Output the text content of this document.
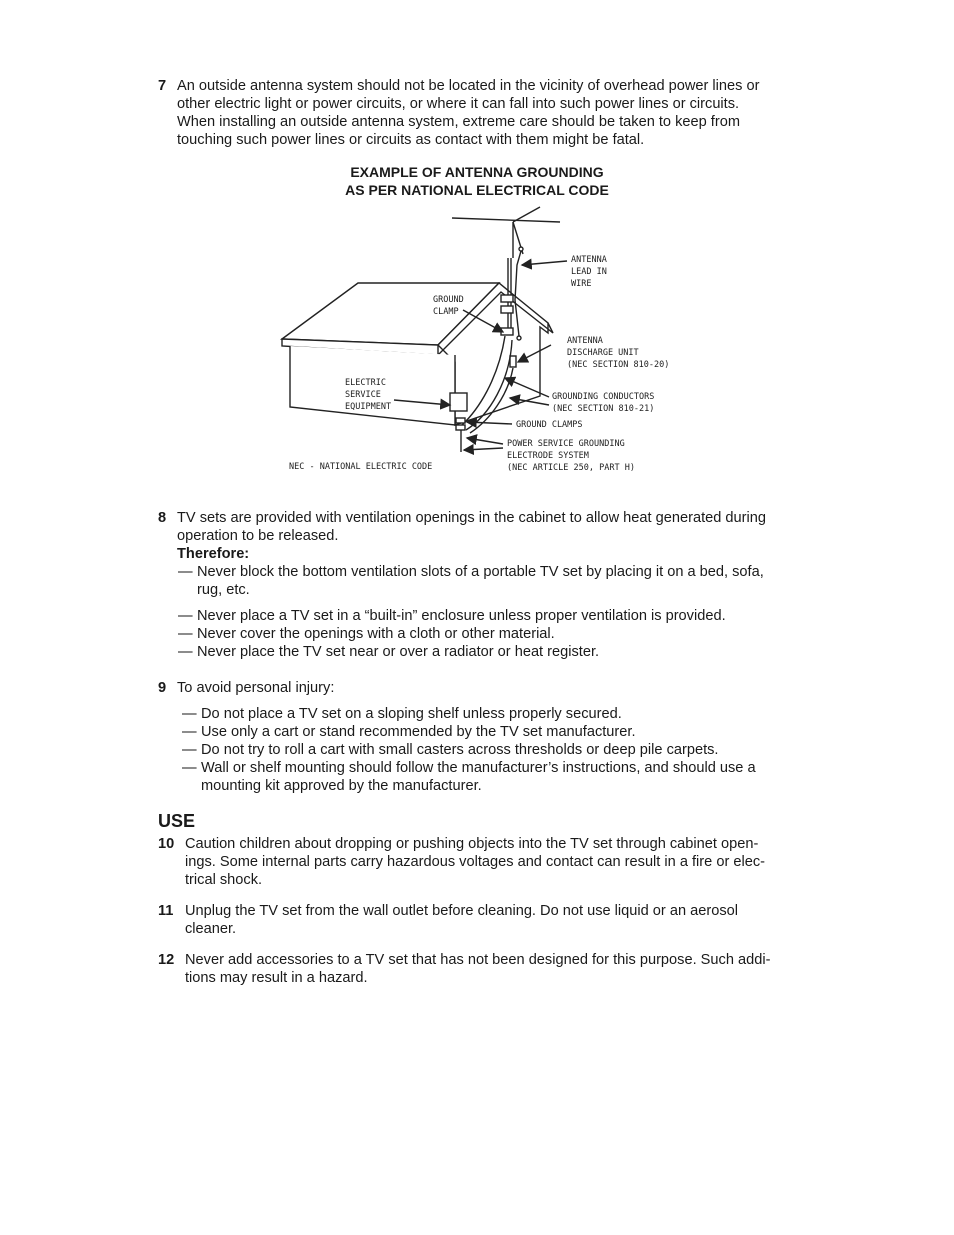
7 An outside antenna system should not be located in the vicinity of overhead power lines or
other electric light or power circuits, or where it can fall into such power lines or circuits.
When installing an outside antenna system, extreme care should be taken to keep from
touching such power lines or circuits as contact with them might be fatal.
EXAMPLE OF ANTENNA GROUNDING
AS PER NATIONAL ELECTRICAL CODE
ANTENNA LEAD IN WIRE
GROUND CLAMP
ANTENNA DISCHARGE UNIT (NEC SECTION 810-20)
ELECTRIC SERVICE EQUIPMENT
GROUNDING CONDUCTORS (NEC SECTION 810-21)
GROUND CLAMPS
POWER SERVICE GROUNDING ELECTRODE SYSTEM (NEC ARTICLE 250, PART H)
NEC - NATIONAL ELECTRIC CODE
8 TV sets are provided with ventilation openings in the cabinet to allow heat generated during
operation to be released.
Therefore:
— Never block the bottom ventilation slots of a portable TV set by placing it on a bed, sofa,
rug, etc.
— Never place a TV set in a “built-in” enclosure unless proper ventilation is provided.
— Never cover the openings with a cloth or other material.
— Never place the TV set near or over a radiator or heat register.
9 To avoid personal injury:
— Do not place a TV set on a sloping shelf unless properly secured.
— Use only a cart or stand recommended by the TV set manufacturer.
— Do not try to roll a cart with small casters across thresholds or deep pile carpets.
— Wall or shelf mounting should follow the manufacturer’s instructions, and should use a
mounting kit approved by the manufacturer.
USE
10 Caution children about dropping or pushing objects into the TV set through cabinet open-
ings. Some internal parts carry hazardous voltages and contact can result in a fire or elec-
trical shock.
11 Unplug the TV set from the wall outlet before cleaning. Do not use liquid or an aerosol
cleaner.
12 Never add accessories to a TV set that has not been designed for this purpose. Such addi-
tions may result in a hazard.
